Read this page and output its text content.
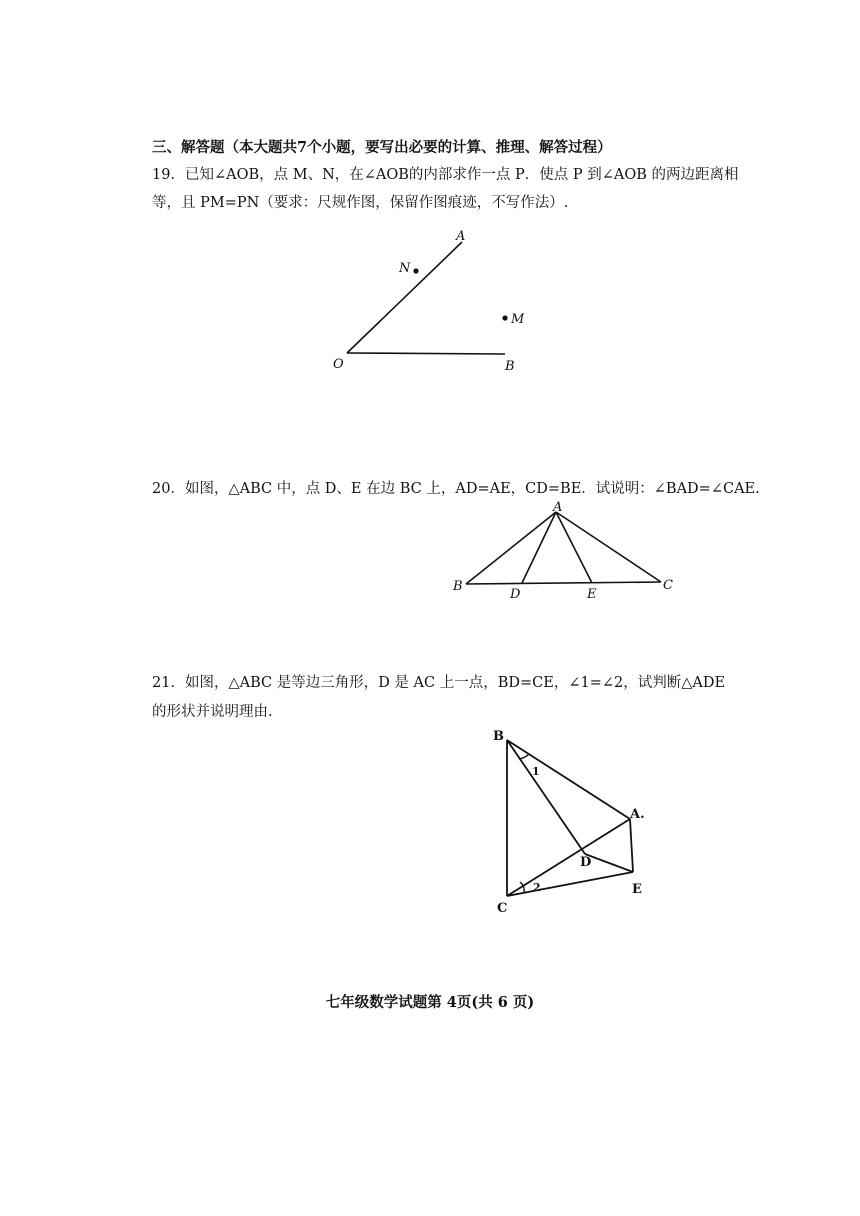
三、解答题（本大题共7个小题，要写出必要的计算、推理、解答过程）
19．已知∠AOB，点 M、N，在∠AOB的内部求作一点 P．使点 P 到∠AOB 的两边距离相
等，且 PM=PN（要求：尺规作图，保留作图痕迹，不写作法）.
A
N
M
O	B
20．如图，△ABC 中，点 D、E 在边 BC 上，AD=AE，CD=BE．试说明：∠BAD=∠CAE.
A
B
D	E
C
21．如图，△ABC 是等边三角形，D 是 AC 上一点，BD=CE，∠1=∠2，试判断△ADE
的形状并说明理由.
B
A.
C
D
E
1
2
七年级数学试题第 4页(共 6 页)
